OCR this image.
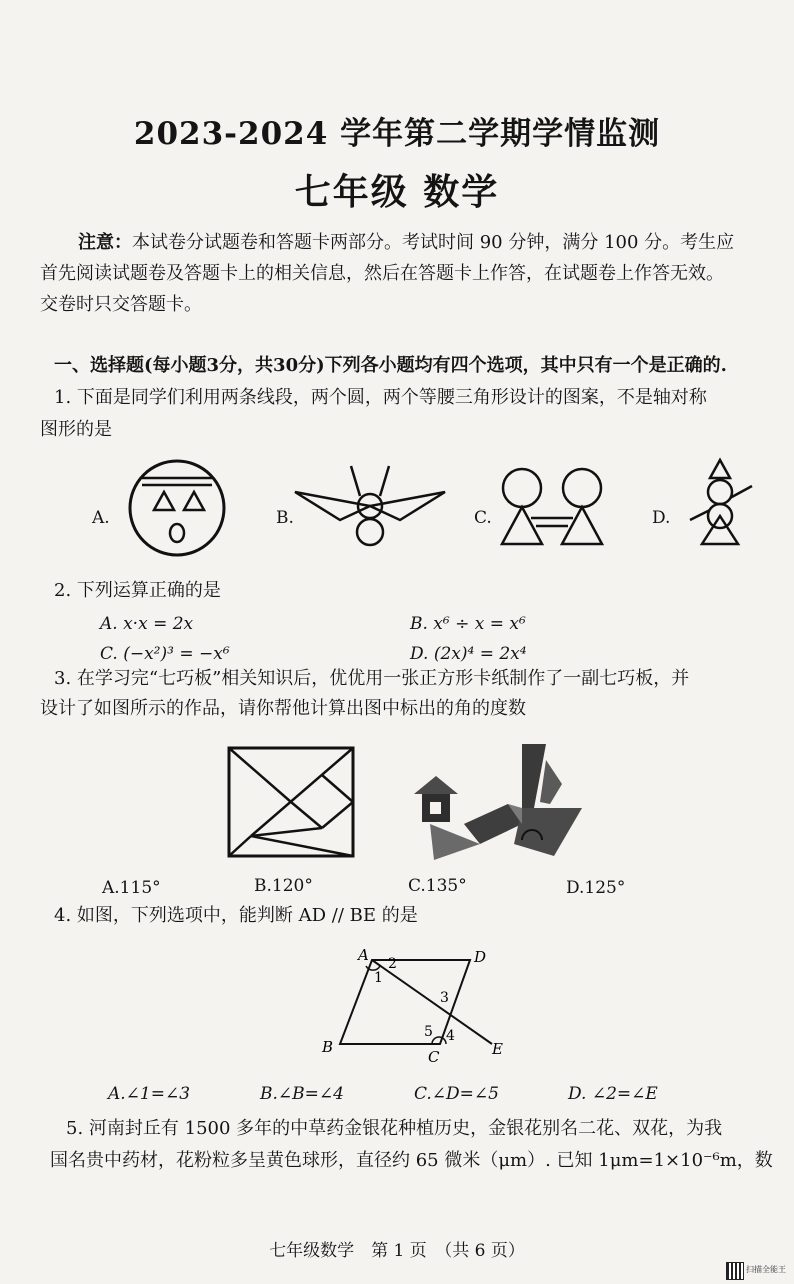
2023-2024 学年第二学期学情监测
七年级 数学
注意：本试卷分试题卷和答题卡两部分。考试时间 90 分钟，满分 100 分。考生应
首先阅读试题卷及答题卡上的相关信息，然后在答题卡上作答，在试题卷上作答无效。
交卷时只交答题卡。
一、选择题(每小题3分，共30分)下列各小题均有四个选项，其中只有一个是正确的.
1. 下面是同学们利用两条线段，两个圆，两个等腰三角形设计的图案，不是轴对称
图形的是
A.	B.	C.	D.
2. 下列运算正确的是
A. x·x = 2x	B. x⁶ ÷ x = x⁶
C. (−x²)³ = −x⁶	D. (2x)⁴ = 2x⁴
3. 在学习完“七巧板”相关知识后，优优用一张正方形卡纸制作了一副七巧板，并
设计了如图所示的作品，请你帮他计算出图中标出的角的度数
A.115°	B.120°	C.135°	D.125°
4. 如图，下列选项中，能判断 AD // BE 的是
A	D
B
C	E
1
2
3
4
5
A.∠1=∠3	B.∠B=∠4	C.∠D=∠5	D. ∠2=∠E
5. 河南封丘有 1500 多年的中草药金银花种植历史，金银花别名二花、双花，为我
国名贵中药材，花粉粒多呈黄色球形，直径约 65 微米（μm）. 已知 1μm=1×10⁻⁶m，数
七年级数学　第 1 页　（共 6 页）
扫描全能王
